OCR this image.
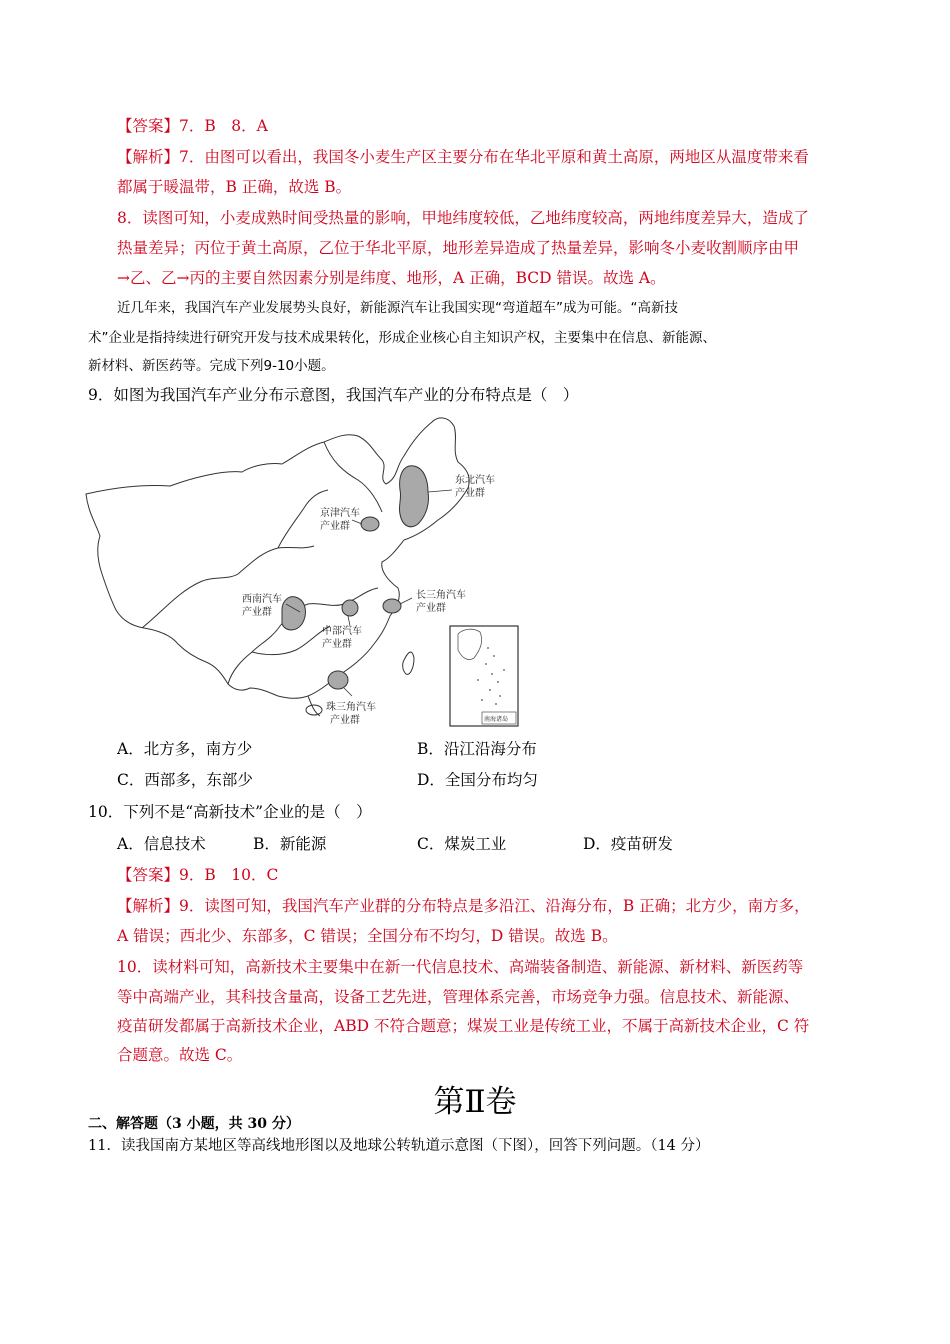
【答案】7．B　8．A
【解析】7．由图可以看出，我国冬小麦生产区主要分布在华北平原和黄土高原，两地区从温度带来看
都属于暖温带，B 正确，故选 B。
8．读图可知，小麦成熟时间受热量的影响，甲地纬度较低，乙地纬度较高，两地纬度差异大，造成了
热量差异；丙位于黄土高原，乙位于华北平原，地形差异造成了热量差异，影响冬小麦收割顺序由甲
→乙、乙→丙的主要自然因素分别是纬度、地形，A 正确，BCD 错误。故选 A。
近几年来，我国汽车产业发展势头良好，新能源汽车让我国实现“弯道超车”成为可能。“高新技
术”企业是指持续进行研究开发与技术成果转化，形成企业核心自主知识产权，主要集中在信息、新能源、
新材料、新医药等。完成下列9-10小题。
9．如图为我国汽车产业分布示意图，我国汽车产业的分布特点是（　）
东北汽车
产业群
京津汽车
产业群
西南汽车
产业群
中部汽车
产业群
长三角汽车
产业群
珠三角汽车
产业群	南海诸岛
A．北方多，南方少	B．沿江沿海分布
C．西部多，东部少	D．全国分布均匀
10．下列不是“高新技术”企业的是（　）
A．信息技术	B．新能源	C．煤炭工业	D．疫苗研发
【答案】9．B　10．C
【解析】9．读图可知，我国汽车产业群的分布特点是多沿江、沿海分布，B 正确；北方少，南方多，
A 错误；西北少、东部多，C 错误；全国分布不均匀，D 错误。故选 B。
10．读材料可知，高新技术主要集中在新一代信息技术、高端装备制造、新能源、新材料、新医药等
等中高端产业，其科技含量高，设备工艺先进，管理体系完善，市场竞争力强。信息技术、新能源、
疫苗研发都属于高新技术企业，ABD 不符合题意；煤炭工业是传统工业，不属于高新技术企业，C 符
合题意。故选 C。
第Ⅱ卷
二、解答题（3 小题，共 30 分）
11．读我国南方某地区等高线地形图以及地球公转轨道示意图（下图），回答下列问题。（14 分）
